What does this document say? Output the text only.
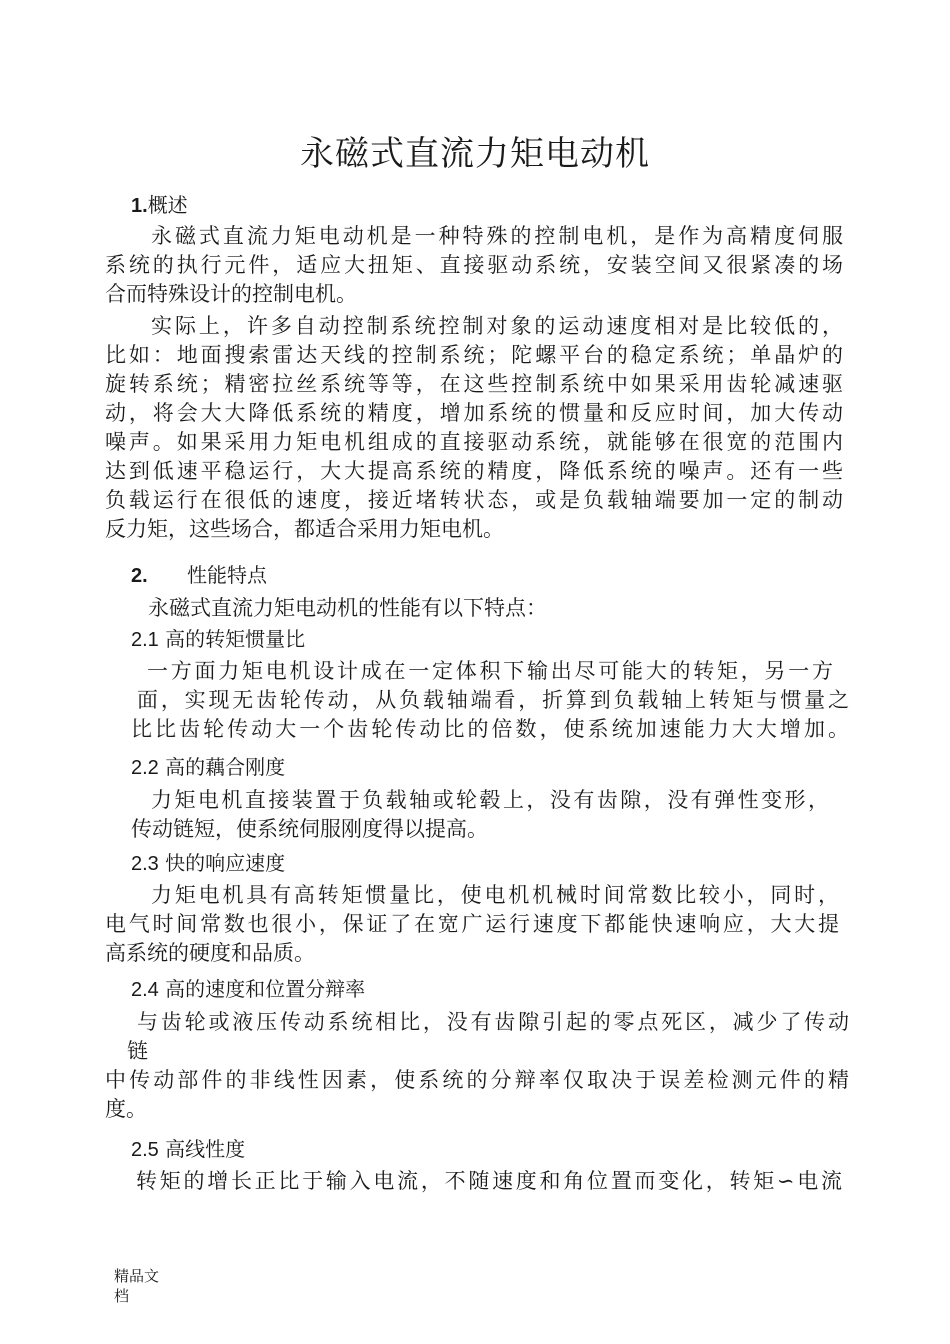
永磁式直流力矩电动机
1.概述
永磁式直流力矩电动机是一种特殊的控制电机，是作为高精度伺服
系统的执行元件，适应大扭矩、直接驱动系统，安装空间又很紧凑的场
合而特殊设计的控制电机。
实际上，许多自动控制系统控制对象的运动速度相对是比较低的，
比如：地面搜索雷达天线的控制系统；陀螺平台的稳定系统；单晶炉的
旋转系统；精密拉丝系统等等，在这些控制系统中如果采用齿轮减速驱
动，将会大大降低系统的精度，增加系统的惯量和反应时间，加大传动
噪声。如果采用力矩电机组成的直接驱动系统，就能够在很宽的范围内
达到低速平稳运行，大大提高系统的精度，降低系统的噪声。还有一些
负载运行在很低的速度，接近堵转状态，或是负载轴端要加一定的制动
反力矩，这些场合，都适合采用力矩电机。
2. 性能特点
永磁式直流力矩电动机的性能有以下特点：
2.1 高的转矩惯量比
一方面力矩电机设计成在一定体积下输出尽可能大的转矩，另一方
面，实现无齿轮传动，从负载轴端看，折算到负载轴上转矩与惯量之
比比齿轮传动大一个齿轮传动比的倍数，使系统加速能力大大增加。
2.2 高的藕合刚度
力矩电机直接装置于负载轴或轮毂上，没有齿隙，没有弹性变形，
传动链短，使系统伺服刚度得以提高。
2.3 快的响应速度
力矩电机具有高转矩惯量比，使电机机械时间常数比较小，同时，
电气时间常数也很小，保证了在宽广运行速度下都能快速响应，大大提
高系统的硬度和品质。
2.4 高的速度和位置分辩率
与齿轮或液压传动系统相比，没有齿隙引起的零点死区，减少了传动
链
中传动部件的非线性因素，使系统的分辩率仅取决于误差检测元件的精
度。
2.5 高线性度
转矩的增长正比于输入电流，不随速度和角位置而变化，转矩∽电流
精品文
档
